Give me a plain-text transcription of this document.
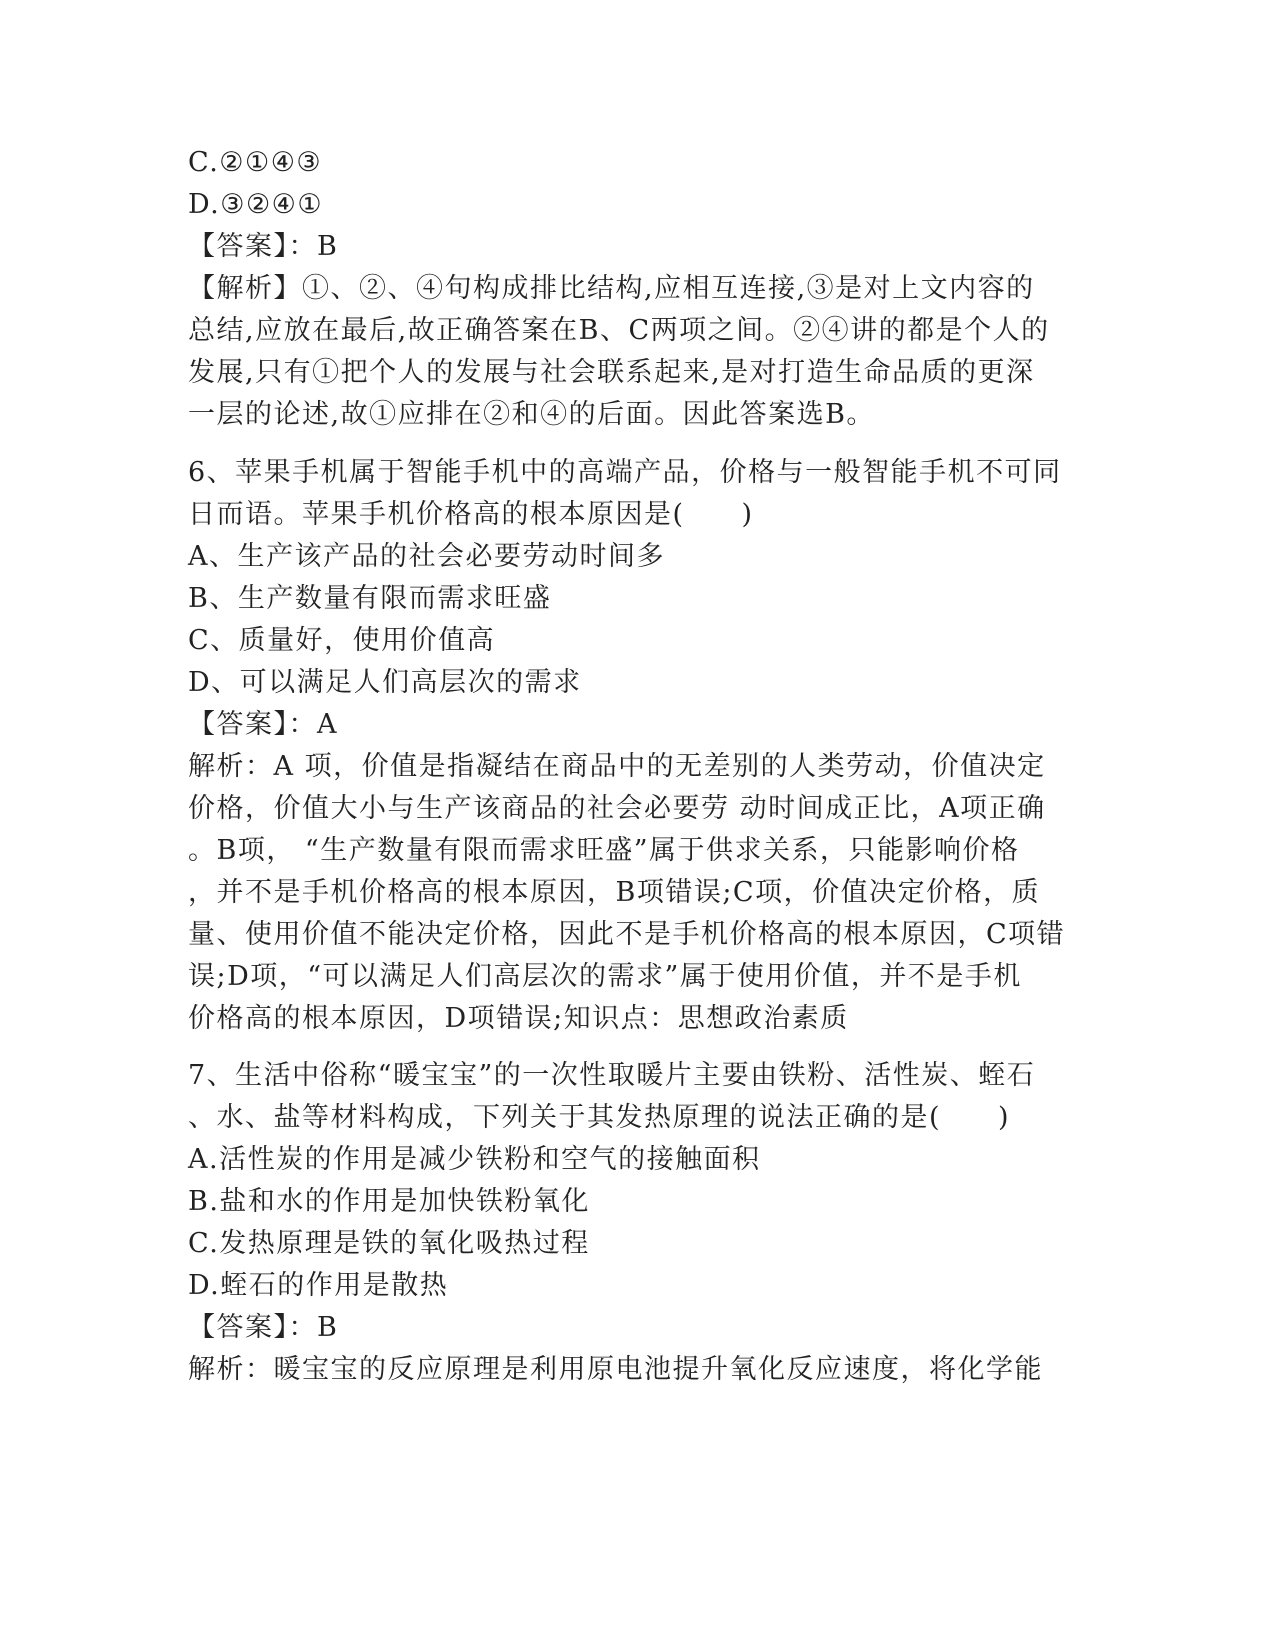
C.②①④③
D.③②④①
【答案】：B
【解析】①、②、④句构成排比结构,应相互连接,③是对上文内容的
总结,应放在最后,故正确答案在B、C两项之间。②④讲的都是个人的
发展,只有①把个人的发展与社会联系起来,是对打造生命品质的更深
一层的论述,故①应排在②和④的后面。因此答案选B。
6、苹果手机属于智能手机中的高端产品，价格与一般智能手机不可同
日而语。苹果手机价格高的根本原因是(　　)
A、生产该产品的社会必要劳动时间多
B、生产数量有限而需求旺盛
C、质量好，使用价值高
D、可以满足人们高层次的需求
【答案】：A
解析：A 项，价值是指凝结在商品中的无差别的人类劳动，价值决定
价格，价值大小与生产该商品的社会必要劳 动时间成正比，A项正确
。B项， “生产数量有限而需求旺盛”属于供求关系，只能影响价格
，并不是手机价格高的根本原因，B项错误;C项，价值决定价格，质
量、使用价值不能决定价格，因此不是手机价格高的根本原因，C项错
误;D项，“可以满足人们高层次的需求”属于使用价值，并不是手机
价格高的根本原因，D项错误;知识点：思想政治素质
7、生活中俗称“暖宝宝”的一次性取暖片主要由铁粉、活性炭、蛭石
、水、盐等材料构成，下列关于其发热原理的说法正确的是(　　)
A.活性炭的作用是减少铁粉和空气的接触面积
B.盐和水的作用是加快铁粉氧化
C.发热原理是铁的氧化吸热过程
D.蛭石的作用是散热
【答案】：B
解析：暖宝宝的反应原理是利用原电池提升氧化反应速度，将化学能
